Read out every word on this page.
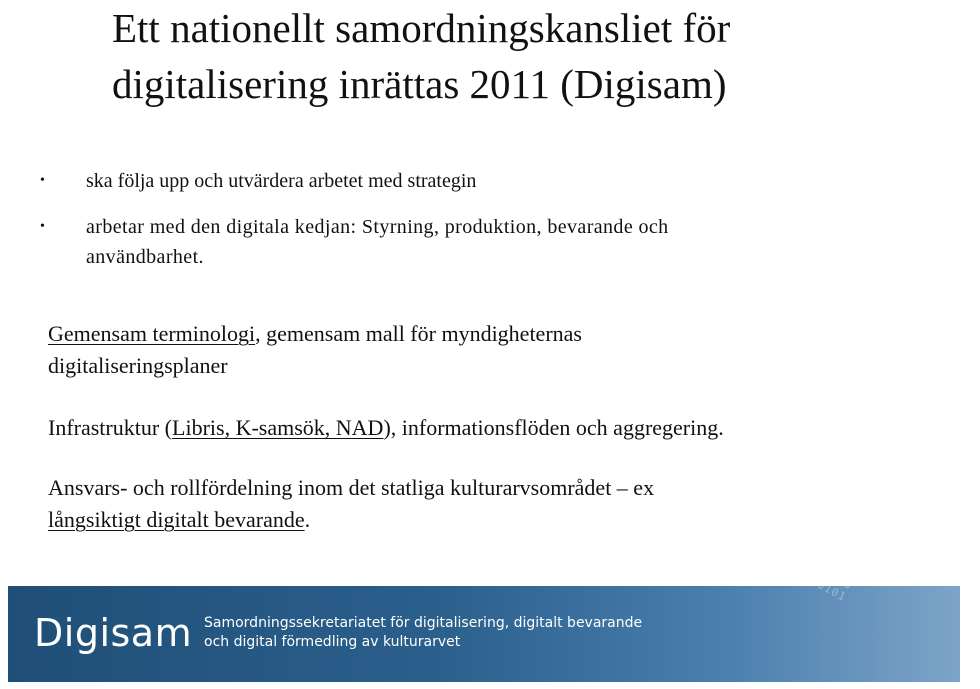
Ett nationellt samordningskansliet för
digitalisering inrättas 2011 (Digisam)
• ska följa upp och utvärdera arbetet med strategin
• arbetar med den digitala kedjan: Styrning, produktion, bevarande och
användbarhet.
Gemensam terminologi, gemensam mall för myndigheternas
digitaliseringsplaner
Infrastruktur (Libris, K-samsök, NAD), informationsflöden och aggregering.
Ansvars- och rollfördelning inom det statliga kulturarvsområdet – ex
långsiktigt digitalt bevarande.	01001010101010101101
10100101010101011011
01010100101010110101
10101010101001011010
01010101101010101011
10100101010110101010
01011010101010100101
Digisam Samordningssekretariatet för digitalisering, digitalt bevarande
och digital förmedling av kulturarvet
